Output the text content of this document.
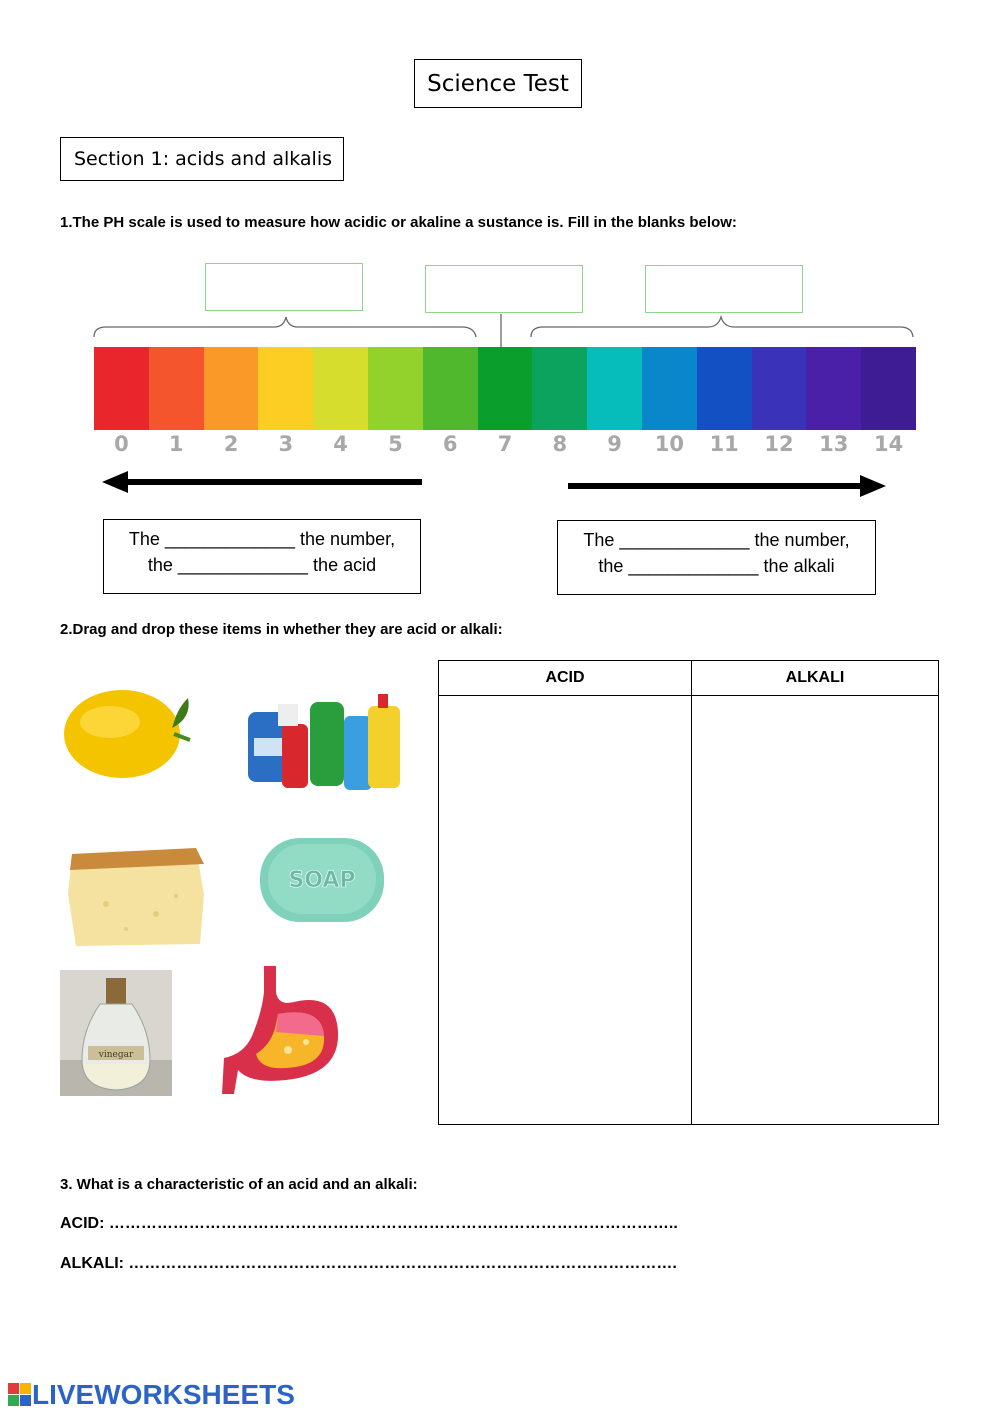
Science Test
Section 1: acids and alkalis
1.The PH scale is used to measure how acidic or akaline a sustance is. Fill in the blanks below:
0	1	2	3	4	5	6	7	8	9	10	11	12	13	14
The _____________ the number,
the _____________ the acid
The _____________ the number,
the _____________ the alkali
2.Drag and drop these items in whether they are acid or alkali:
SOAP
vinegar
ACID	ALKALI

3. What is a characteristic of an acid and an alkali:
ACID: ……………………………………………………………………………………………..
ALKALI: ………………………………………………………………………………………….
LIVEWORKSHEETS
